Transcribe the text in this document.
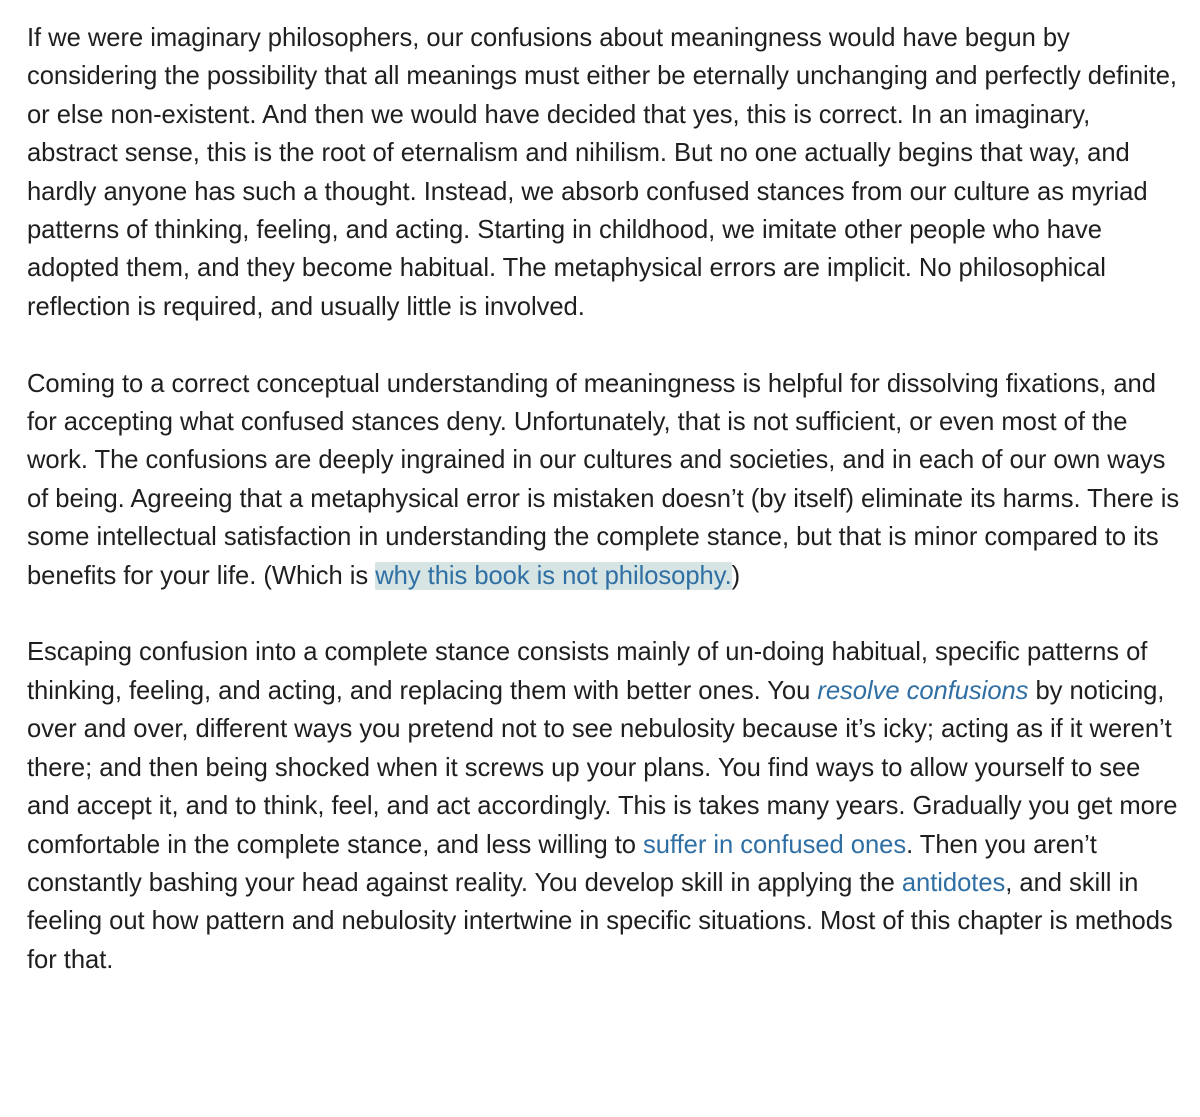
If we were imaginary philosophers, our confusions about meaningness would have begun by considering the possibility that all meanings must either be eternally unchanging and perfectly definite, or else non-existent. And then we would have decided that yes, this is correct. In an imaginary, abstract sense, this is the root of eternalism and nihilism. But no one actually begins that way, and hardly anyone has such a thought. Instead, we absorb confused stances from our culture as myriad patterns of thinking, feeling, and acting. Starting in childhood, we imitate other people who have adopted them, and they become habitual. The metaphysical errors are implicit. No philosophical reflection is required, and usually little is involved.

Coming to a correct conceptual understanding of meaningness is helpful for dissolving fixations, and for accepting what confused stances deny. Unfortunately, that is not sufficient, or even most of the work. The confusions are deeply ingrained in our cultures and societies, and in each of our own ways of being. Agreeing that a metaphysical error is mistaken doesn’t (by itself) eliminate its harms. There is some intellectual satisfaction in understanding the complete stance, but that is minor compared to its benefits for your life. (Which is why this book is not philosophy.)

Escaping confusion into a complete stance consists mainly of un-doing habitual, specific patterns of thinking, feeling, and acting, and replacing them with better ones. You resolve confusions by noticing, over and over, different ways you pretend not to see nebulosity because it’s icky; acting as if it weren’t there; and then being shocked when it screws up your plans. You find ways to allow yourself to see and accept it, and to think, feel, and act accordingly. This is takes many years. Gradually you get more comfortable in the complete stance, and less willing to suffer in confused ones. Then you aren’t constantly bashing your head against reality. You develop skill in applying the antidotes, and skill in feeling out how pattern and nebulosity intertwine in specific situations. Most of this chapter is methods for that.
